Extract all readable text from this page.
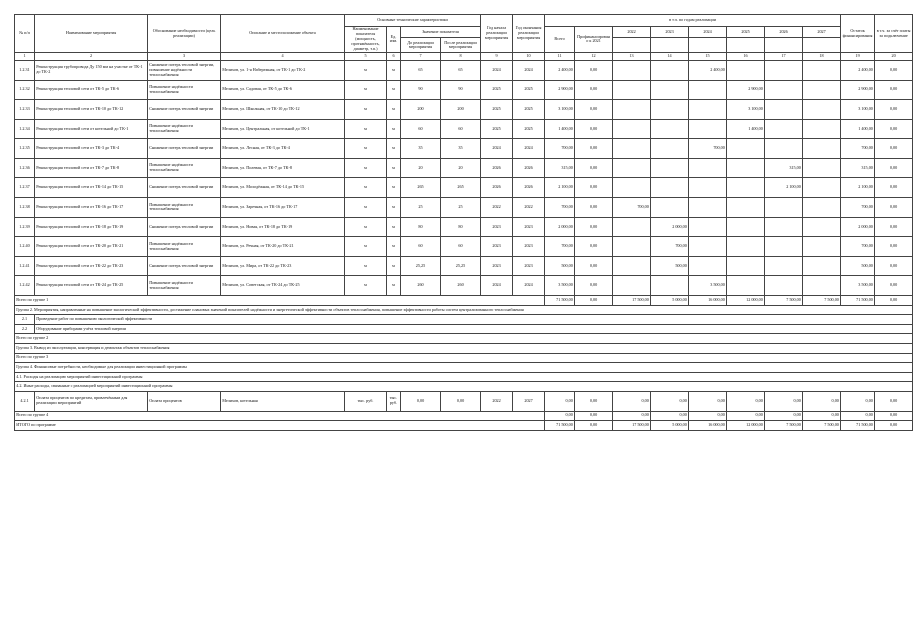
№ п/п	Наименование мероприятия	Обоснование необходимости (цель реализации)	Описание и местоположение объекта	Основные технические характеристики				Год начала реализации мероприятия	Год окончания реализации мероприятия	в т.ч. по годам реализации								Остаток финансирования	в т.ч. за счёт платы за подключение
				Наименование показателя (мощность, протяжённость, диаметр, т.п.)	Ед. изм.	Значение показателя				Всего	Профинансировано к 2021	2022	2023	2024	2025	2026	2027		
						До реализации мероприятия	После реализации мероприятия												
1	2	3	4	5	6	7	8	9	10	11	12	13	14	15	16	17	18	19	20
1.2.31	Реконструкция трубопровода Ду 150 мм на участке от ТК-1 до ТК-2	Снижение потерь тепловой энергии, повышение надёжности теплоснабжения	Мелихов, ул. 1-я Набережная, от ТК-1 до ТК-2	м	м	65	65	2024	2024	2 400,00	0,00			2 400,00				2 400,00	0,00
1.2.32	Реконструкция тепловой сети от ТК-5 до ТК-6	Повышение надёжности теплоснабжения	Мелихов, ул. Садовая, от ТК-5 до ТК-6	м	м	90	90	2025	2025	2 900,00	0,00				2 900,00			2 900,00	0,00
1.2.33	Реконструкция тепловой сети от ТК-10 до ТК-12	Снижение потерь тепловой энергии	Мелихов, ул. Школьная, от ТК-10 до ТК-12	м	м	200	200	2025	2025	3 100,00	0,00				3 100,00			3 100,00	0,00
1.2.34	Реконструкция тепловой сети от котельной до ТК-1	Повышение надёжности теплоснабжения	Мелихов, ул. Центральная, от котельной до ТК-1	м	м	60	60	2025	2025	1 400,00	0,00				1 400,00			1 400,00	0,00
1.2.35	Реконструкция тепловой сети от ТК-3 до ТК-4	Снижение потерь тепловой энергии	Мелихов, ул. Лесная, от ТК-3 до ТК-4	м	м	35	35	2024	2024	700,00	0,00			700,00				700,00	0,00
1.2.36	Реконструкция тепловой сети от ТК-7 до ТК-8	Повышение надёжности теплоснабжения	Мелихов, ул. Полевая, от ТК-7 до ТК-8	м	м	20	20	2026	2026	315,00	0,00					315,00		315,00	0,00
1.2.37	Реконструкция тепловой сети от ТК-14 до ТК-15	Снижение потерь тепловой энергии	Мелихов, ул. Молодёжная, от ТК-14 до ТК-15	м	м	265	265	2026	2026	2 100,00	0,00					2 100,00		2 100,00	0,00
1.2.38	Реконструкция тепловой сети от ТК-16 до ТК-17	Повышение надёжности теплоснабжения	Мелихов, ул. Заречная, от ТК-16 до ТК-17	м	м	25	25	2022	2022	700,00	0,00	700,00						700,00	0,00
1.2.39	Реконструкция тепловой сети от ТК-18 до ТК-19	Снижение потерь тепловой энергии	Мелихов, ул. Новая, от ТК-18 до ТК-19	м	м	80	80	2023	2023	2 000,00	0,00		2 000,00					2 000,00	0,00
1.2.40	Реконструкция тепловой сети от ТК-20 до ТК-21	Повышение надёжности теплоснабжения	Мелихов, ул. Речная, от ТК-20 до ТК-21	м	м	60	60	2023	2023	700,00	0,00		700,00					700,00	0,00
1.2.41	Реконструкция тепловой сети от ТК-22 до ТК-23	Снижение потерь тепловой энергии	Мелихов, ул. Мира, от ТК-22 до ТК-23	м	м	25,25	25,25	2023	2023	500,00	0,00		500,00					500,00	0,00
1.2.42	Реконструкция тепловой сети от ТК-24 до ТК-25	Повышение надёжности теплоснабжения	Мелихов, ул. Советская, от ТК-24 до ТК-25	м	м	260	260	2024	2024	3 500,00	0,00			3 500,00				3 500,00	0,00
Всего по группе 1										71 500,00	0,00	17 500,00	5 000,00	16 000,00	12 000,00	7 500,00	7 500,00	71 500,00	0,00
Группа 2. Мероприятия, направленные на повышение экологической эффективности, достижение плановых значений показателей надёжности и энергетической эффективности объектов теплоснабжения, повышение эффективности работы систем централизованного теплоснабжения																			
2.1	Проведение работ по повышению экологической эффективности																		
2.2	Оборудование приборами учёта тепловой энергии																		
Всего по группе 2																			
Группа 3. Вывод из эксплуатации, консервация и демонтаж объектов теплоснабжения																			
Всего по группе 3																			
Группа 4. Финансовые потребности, необходимые для реализации инвестиционной программы																			
4.1. Расходы на реализацию мероприятий инвестиционной программы																			
4.2. Иные расходы, связанные с реализацией мероприятий инвестиционной программы																			
4.2.1	Оплата процентов по кредитам, привлечённым для реализации мероприятий	Оплата процентов	Мелихов, котельная	тыс. руб.	тыс. руб.	0,00	0,00	2022	2027	0,00	0,00	0,00	0,00	0,00	0,00	0,00	0,00	0,00	0,00
Всего по группе 4										0,00	0,00	0,00	0,00	0,00	0,00	0,00	0,00	0,00	0,00
ИТОГО по программе										71 500,00	0,00	17 500,00	5 000,00	16 000,00	12 000,00	7 500,00	7 500,00	71 500,00	0,00
